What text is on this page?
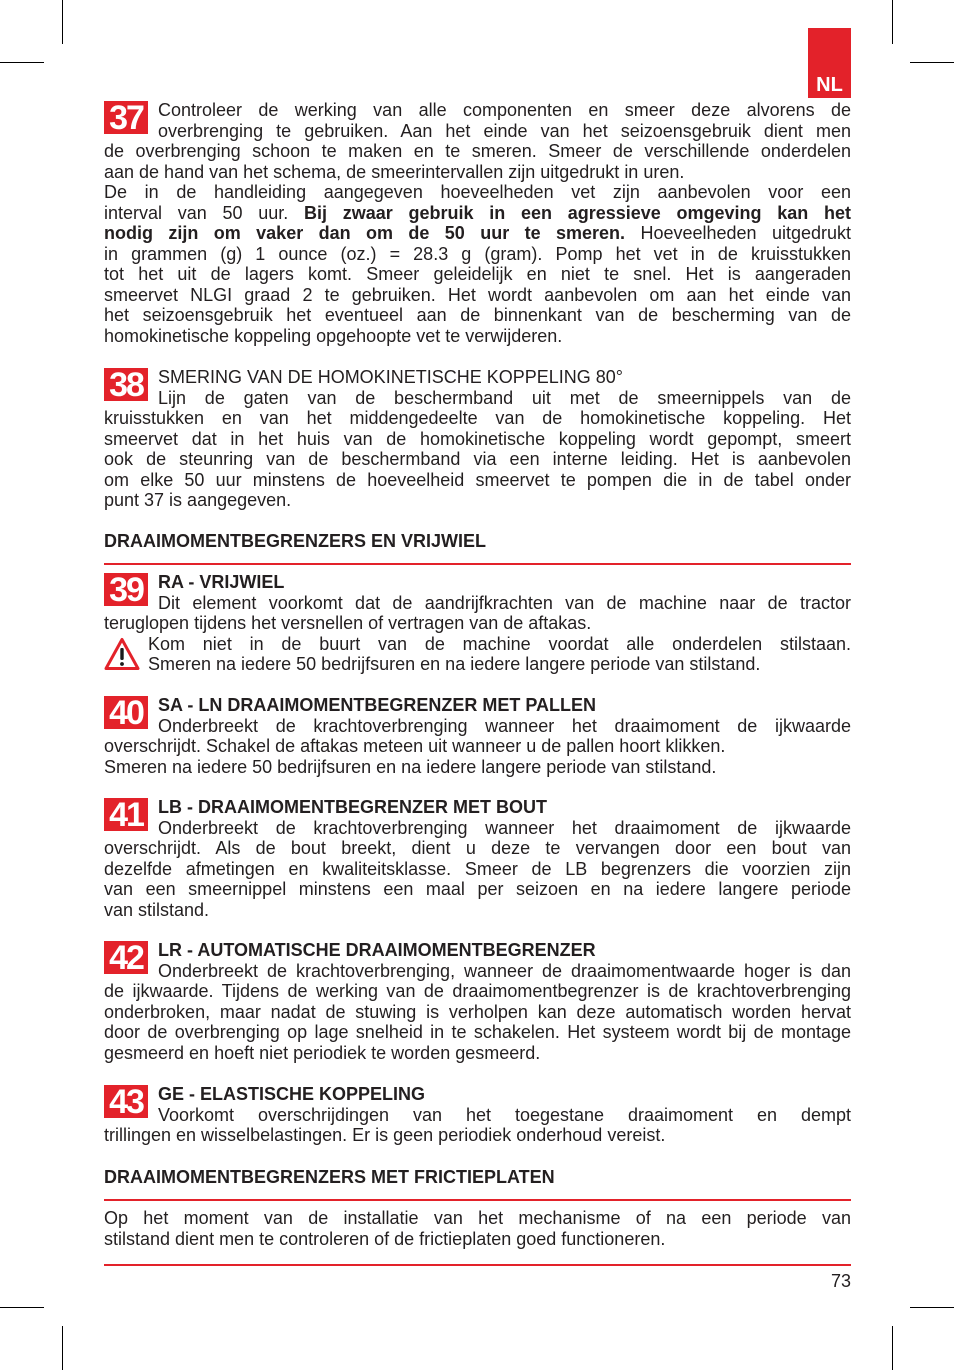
NL
37 Controleer de werking van alle componenten en smeer deze alvorens de
overbrenging te gebruiken. Aan het einde van het seizoensgebruik dient men
de overbrenging schoon te maken en te smeren. Smeer de verschillende onderdelen
aan de hand van het schema, de smeerintervallen zijn uitgedrukt in uren.
De in de handleiding aangegeven hoeveelheden vet zijn aanbevolen voor een
interval van 50 uur. Bij zwaar gebruik in een agressieve omgeving kan het
nodig zijn om vaker dan om de 50 uur te smeren. Hoeveelheden uitgedrukt
in grammen (g) 1 ounce (oz.) = 28.3 g (gram). Pomp het vet in de kruisstukken
tot het uit de lagers komt. Smeer geleidelijk en niet te snel. Het is aangeraden
smeervet NLGI graad 2 te gebruiken. Het wordt aanbevolen om aan het einde van
het seizoensgebruik het eventueel aan de binnenkant van de bescherming van de
homokinetische koppeling opgehoopte vet te verwijderen.
38 SMERING VAN DE HOMOKINETISCHE KOPPELING 80°
Lijn de gaten van de beschermband uit met de smeernippels van de
kruisstukken en van het middengedeelte van de homokinetische koppeling. Het
smeervet dat in het huis van de homokinetische koppeling wordt gepompt, smeert
ook de steunring van de beschermband via een interne leiding. Het is aanbevolen
om elke 50 uur minstens de hoeveelheid smeervet te pompen die in de tabel onder
punt 37 is aangegeven.
DRAAIMOMENTBEGRENZERS EN VRIJWIEL
39 RA - VRIJWIEL
Dit element voorkomt dat de aandrijfkrachten van de machine naar de tractor
teruglopen tijdens het versnellen of vertragen van de aftakas.
Kom niet in de buurt van de machine voordat alle onderdelen stilstaan.
Smeren na iedere 50 bedrijfsuren en na iedere langere periode van stilstand.
40 SA - LN DRAAIMOMENTBEGRENZER MET PALLEN
Onderbreekt de krachtoverbrenging wanneer het draaimoment de ijkwaarde
overschrijdt. Schakel de aftakas meteen uit wanneer u de pallen hoort klikken.
Smeren na iedere 50 bedrijfsuren en na iedere langere periode van stilstand.
41 LB - DRAAIMOMENTBEGRENZER MET BOUT
Onderbreekt de krachtoverbrenging wanneer het draaimoment de ijkwaarde
overschrijdt. Als de bout breekt, dient u deze te vervangen door een bout van
dezelfde afmetingen en kwaliteitsklasse. Smeer de LB begrenzers die voorzien zijn
van een smeernippel minstens een maal per seizoen en na iedere langere periode
van stilstand.
42 LR - AUTOMATISCHE DRAAIMOMENTBEGRENZER
Onderbreekt de krachtoverbrenging, wanneer de draaimomentwaarde hoger is dan
de ijkwaarde. Tijdens de werking van de draaimomentbegrenzer is de krachtoverbrenging
onderbroken, maar nadat de stuwing is verholpen kan deze automatisch worden hervat
door de overbrenging op lage snelheid in te schakelen. Het systeem wordt bij de montage
gesmeerd en hoeft niet periodiek te worden gesmeerd.
43 GE - ELASTISCHE KOPPELING
Voorkomt overschrijdingen van het toegestane draaimoment en dempt
trillingen en wisselbelastingen. Er is geen periodiek onderhoud vereist.
DRAAIMOMENTBEGRENZERS MET FRICTIEPLATEN
Op het moment van de installatie van het mechanisme of na een periode van
stilstand dient men te controleren of de frictieplaten goed functioneren.
73
